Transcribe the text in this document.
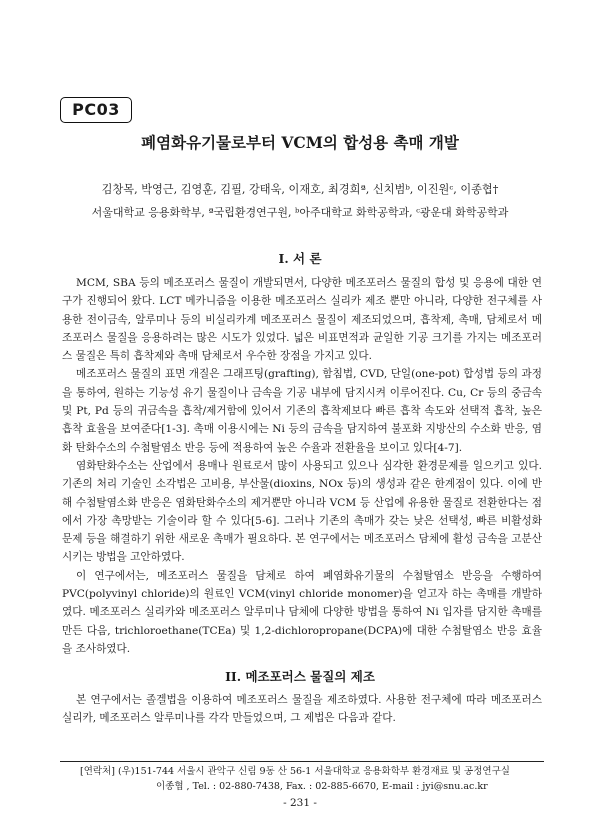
PC03
폐염화유기물로부터 VCM의 합성용 촉매 개발
김창목, 박영근, 김영훈, 김필, 강태욱, 이재호, 최경희ª, 신치범ᵇ, 이진원ᶜ, 이종협†
서울대학교 응용화학부, ª국립환경연구원, ᵇ아주대학교 화학공학과, ᶜ광운대 화학공학과
I. 서 론

MCM, SBA 등의 메조포러스 물질이 개발되면서, 다양한 메조포러스 물질의 합성 및 응용에 대한 연구가 진행되어 왔다. LCT 메카니즘을 이용한 메조포러스 실리카 제조 뿐만 아니라, 다양한 전구체를 사용한 전이금속, 알루미나 등의 비실리카계 메조포러스 물질이 제조되었으며, 흡착제, 촉매, 담체로서 메조포러스 물질을 응용하려는 많은 시도가 있었다. 넓은 비표면적과 균일한 기공 크기를 가지는 메조포러스 물질은 특히 흡착제와 촉매 담체로서 우수한 장점을 가지고 있다.

메조포러스 물질의 표면 개질은 그래프팅(grafting), 함침법, CVD, 단일(one-pot) 합성법 등의 과정을 통하여, 원하는 기능성 유기 물질이나 금속을 기공 내부에 담지시켜 이루어진다. Cu, Cr 등의 중금속 및 Pt, Pd 등의 귀금속을 흡착/제거함에 있어서 기존의 흡착제보다 빠른 흡착 속도와 선택적 흡착, 높은 흡착 효율을 보여준다[1-3]. 촉매 이용시에는 Ni 등의 금속을 담지하여 불포화 지방산의 수소화 반응, 염화 탄화수소의 수첨탈염소 반응 등에 적용하여 높은 수율과 전환율을 보이고 있다[4-7].

염화탄화수소는 산업에서 용매나 원료로서 많이 사용되고 있으나 심각한 환경문제를 일으키고 있다. 기존의 처리 기술인 소각법은 고비용, 부산물(dioxins, NOx 등)의 생성과 같은 한계점이 있다. 이에 반해 수첨탈염소화 반응은 염화탄화수소의 제거뿐만 아니라 VCM 등 산업에 유용한 물질로 전환한다는 점에서 가장 촉망받는 기술이라 할 수 있다[5-6]. 그러나 기존의 촉매가 갖는 낮은 선택성, 빠른 비활성화 문제 등을 해결하기 위한 새로운 촉매가 필요하다. 본 연구에서는 메조포러스 담체에 활성 금속을 고분산시키는 방법을 고안하였다.

이 연구에서는, 메조포러스 물질을 담체로 하여 폐염화유기물의 수첨탈염소 반응을 수행하여 PVC(polyvinyl chloride)의 원료인 VCM(vinyl chloride monomer)을 얻고자 하는 촉매를 개발하였다. 메조포러스 실리카와 메조포러스 알루미나 담체에 다양한 방법을 통하여 Ni 입자를 담지한 촉매를 만든 다음, trichloroethane(TCEa) 및 1,2-dichloropropane(DCPA)에 대한 수첨탈염소 반응 효율을 조사하였다.

II. 메조포러스 물질의 제조

본 연구에서는 졸겔법을 이용하여 메조포러스 물질을 제조하였다. 사용한 전구체에 따라 메조포러스 실리카, 메조포러스 알루미나를 각각 만들었으며, 그 제법은 다음과 같다.

[연락처] (우)151-744 서울시 관악구 신림 9동 산 56-1 서울대학교 응용화학부 환경재료 및 공정연구실
이종협 , Tel. : 02-880-7438, Fax. : 02-885-6670, E-mail : jyi@snu.ac.kr
- 231 -
